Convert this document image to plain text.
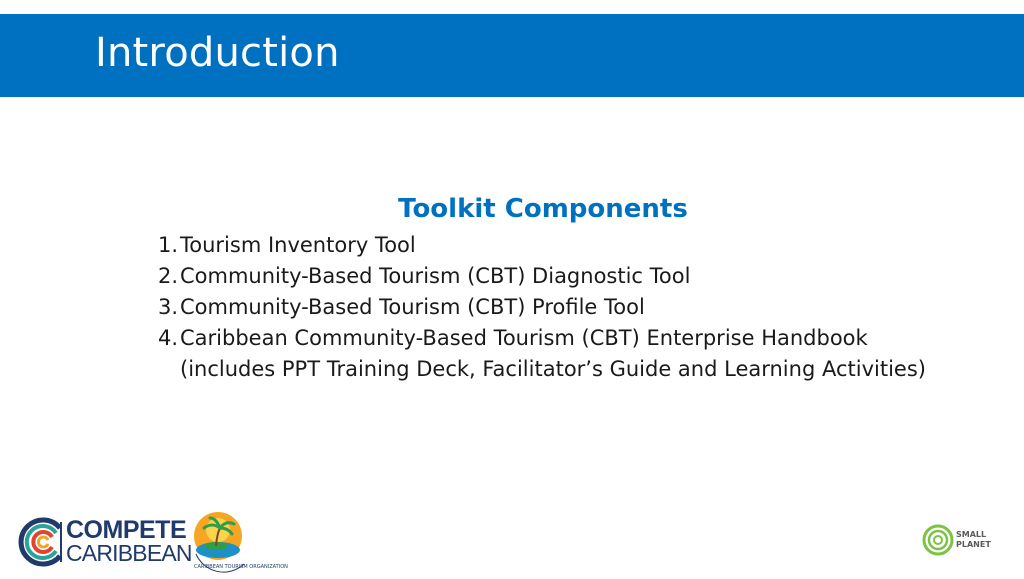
Introduction
Toolkit Components
1. Tourism Inventory Tool
2. Community-Based Tourism (CBT) Diagnostic Tool
3. Community-Based Tourism (CBT) Profile Tool
4. Caribbean Community-Based Tourism (CBT) Enterprise Handbook (includes PPT Training Deck, Facilitator’s Guide and Learning Activities)
COMPETE
CARIBBEAN
CARIBBEAN TOURISM ORGANIZATION
SMALL
PLANET
